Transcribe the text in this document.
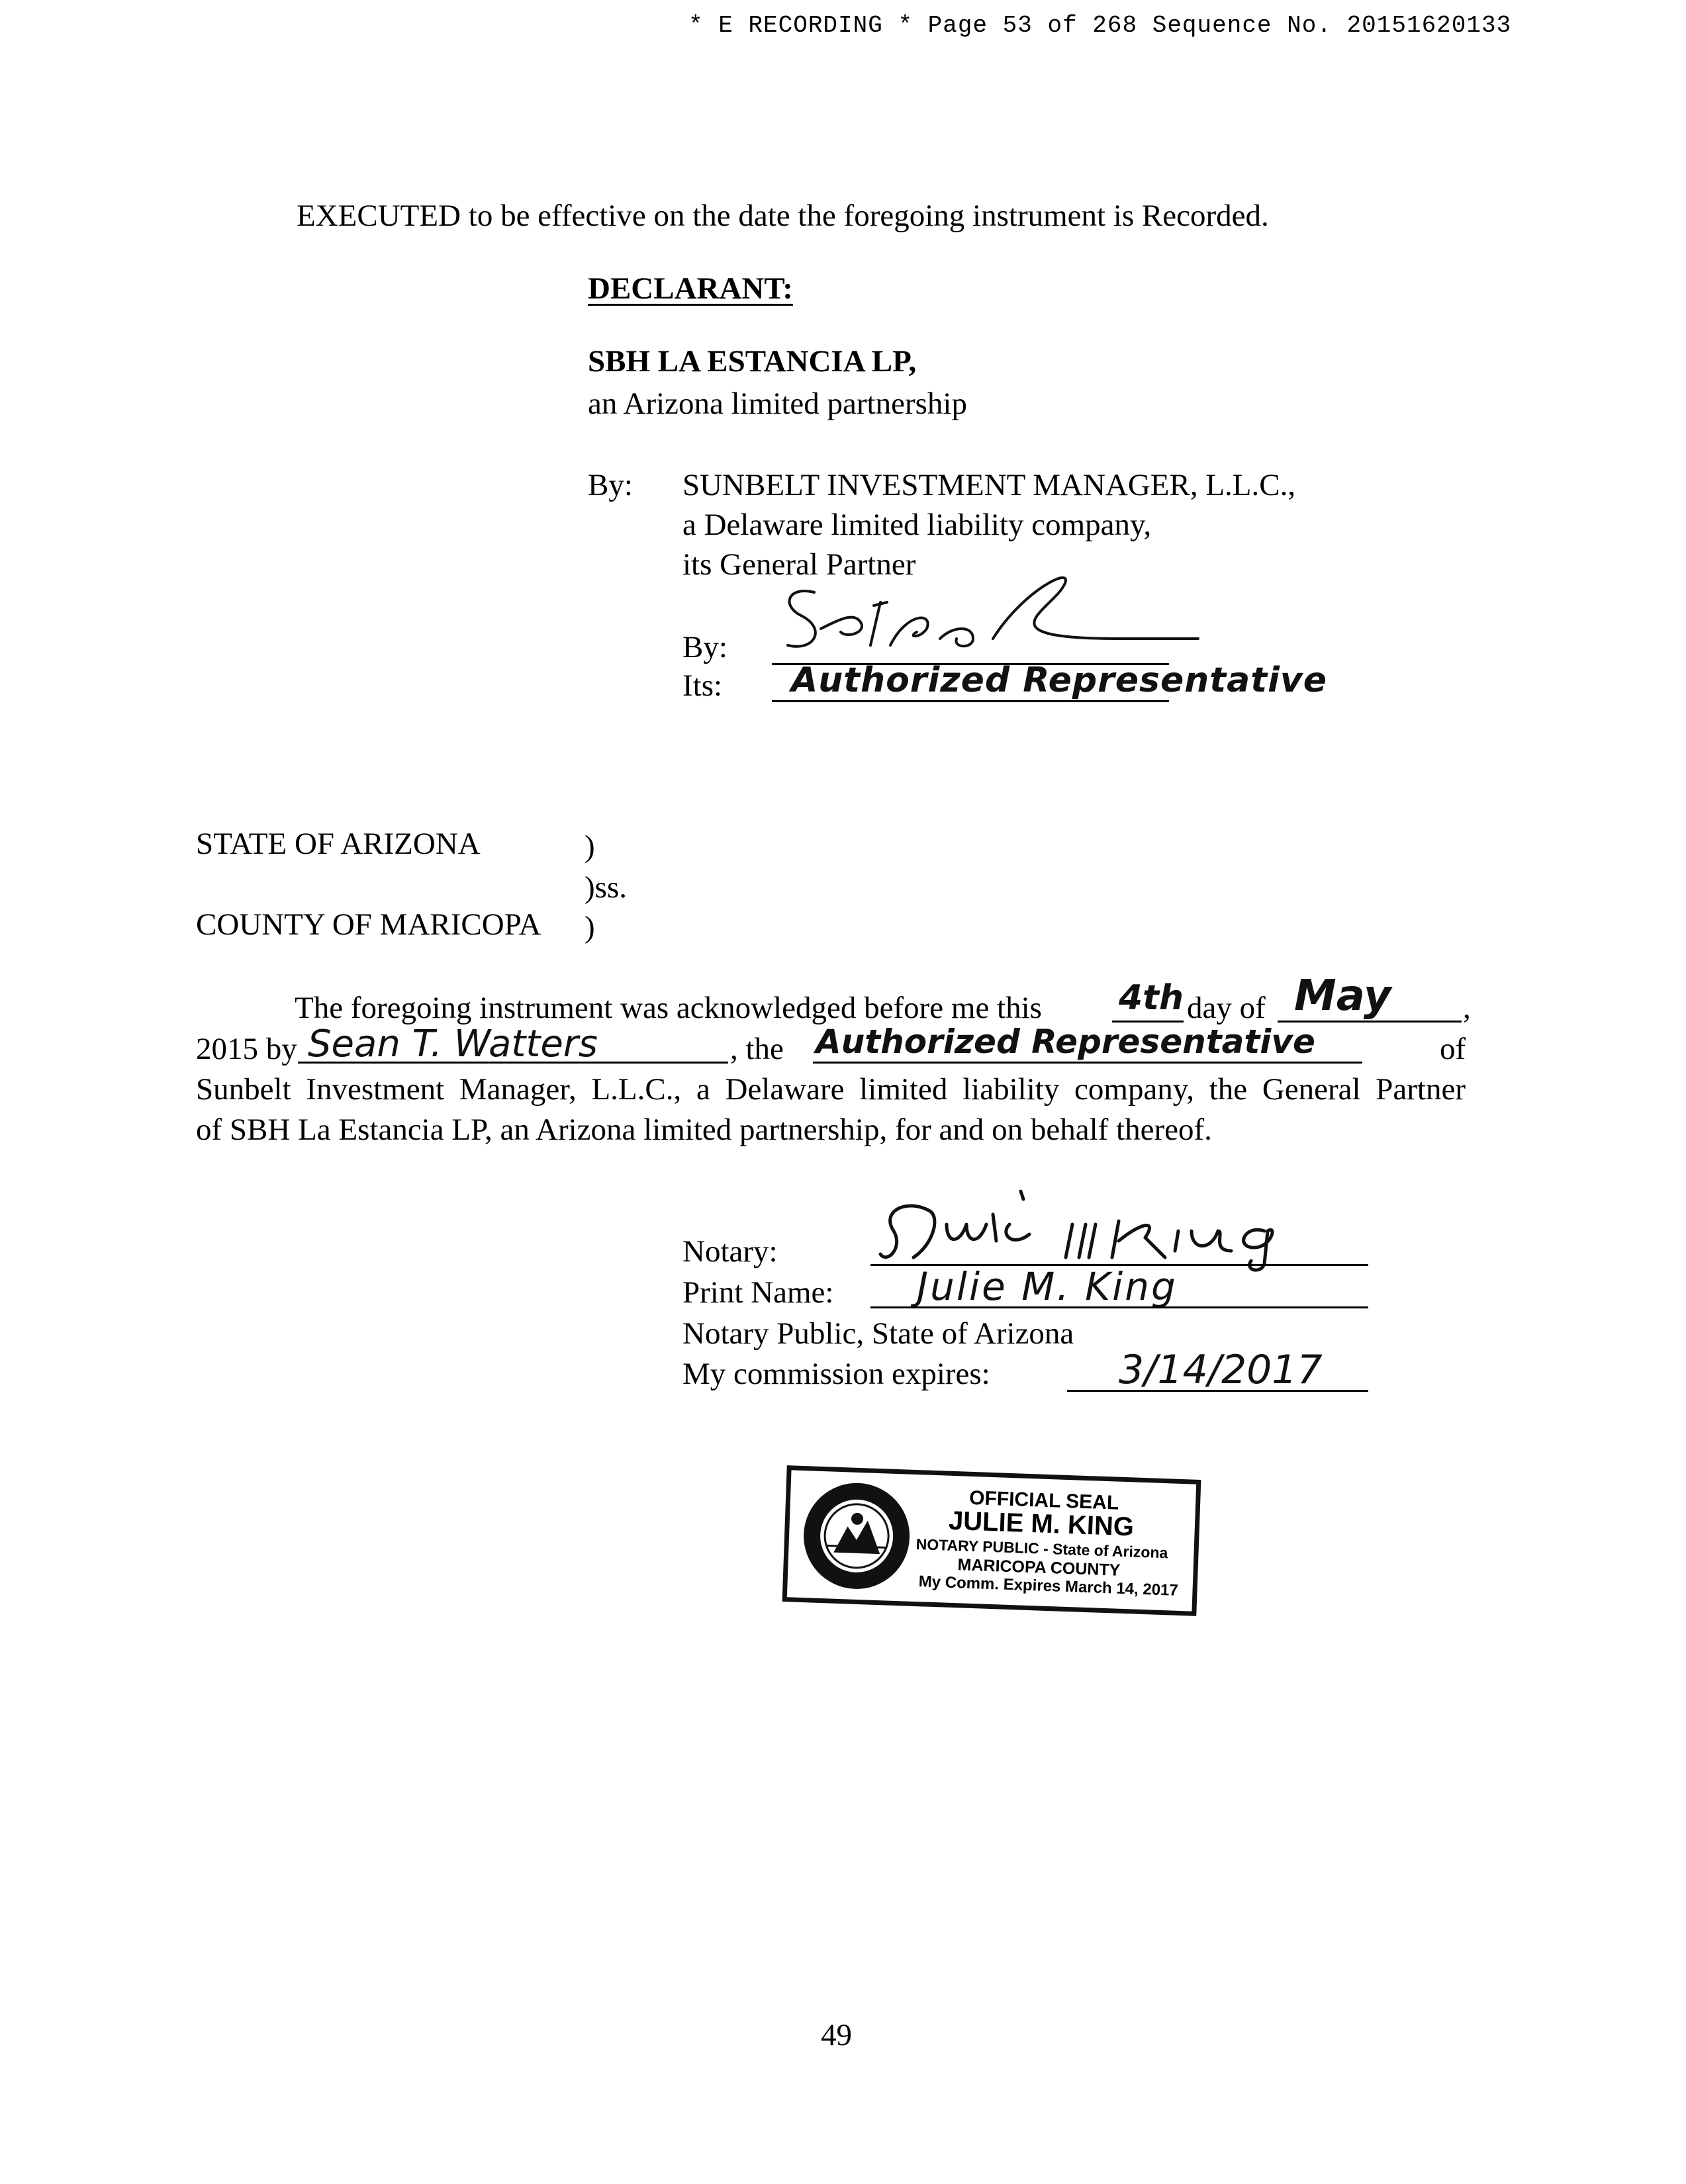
* E RECORDING * Page 53 of 268 Sequence No. 20151620133
EXECUTED to be effective on the date the foregoing instrument is Recorded.
DECLARANT:
SBH LA ESTANCIA LP,
an Arizona limited partnership
By: SUNBELT INVESTMENT MANAGER, L.L.C.,
a Delaware limited liability company,
its General Partner
By:
Its: Authorized Representative
STATE OF ARIZONA	)
)ss.
COUNTY OF MARICOPA )
The foregoing instrument was acknowledged before me this 4th day of May ,
2015 by Sean T. Watters	, the Authorized Representative	of
Sunbelt Investment Manager, L.L.C., a Delaware limited liability company, the General Partner
of SBH La Estancia LP, an Arizona limited partnership, for and on behalf thereof.
Notary:
Print Name: Julie M. King
Notary Public, State of Arizona
My commission expires:	3/14/2017
OFFICIAL SEAL
JULIE M. KING
NOTARY PUBLIC - State of Arizona
MARICOPA COUNTY
My Comm. Expires March 14, 2017
49
